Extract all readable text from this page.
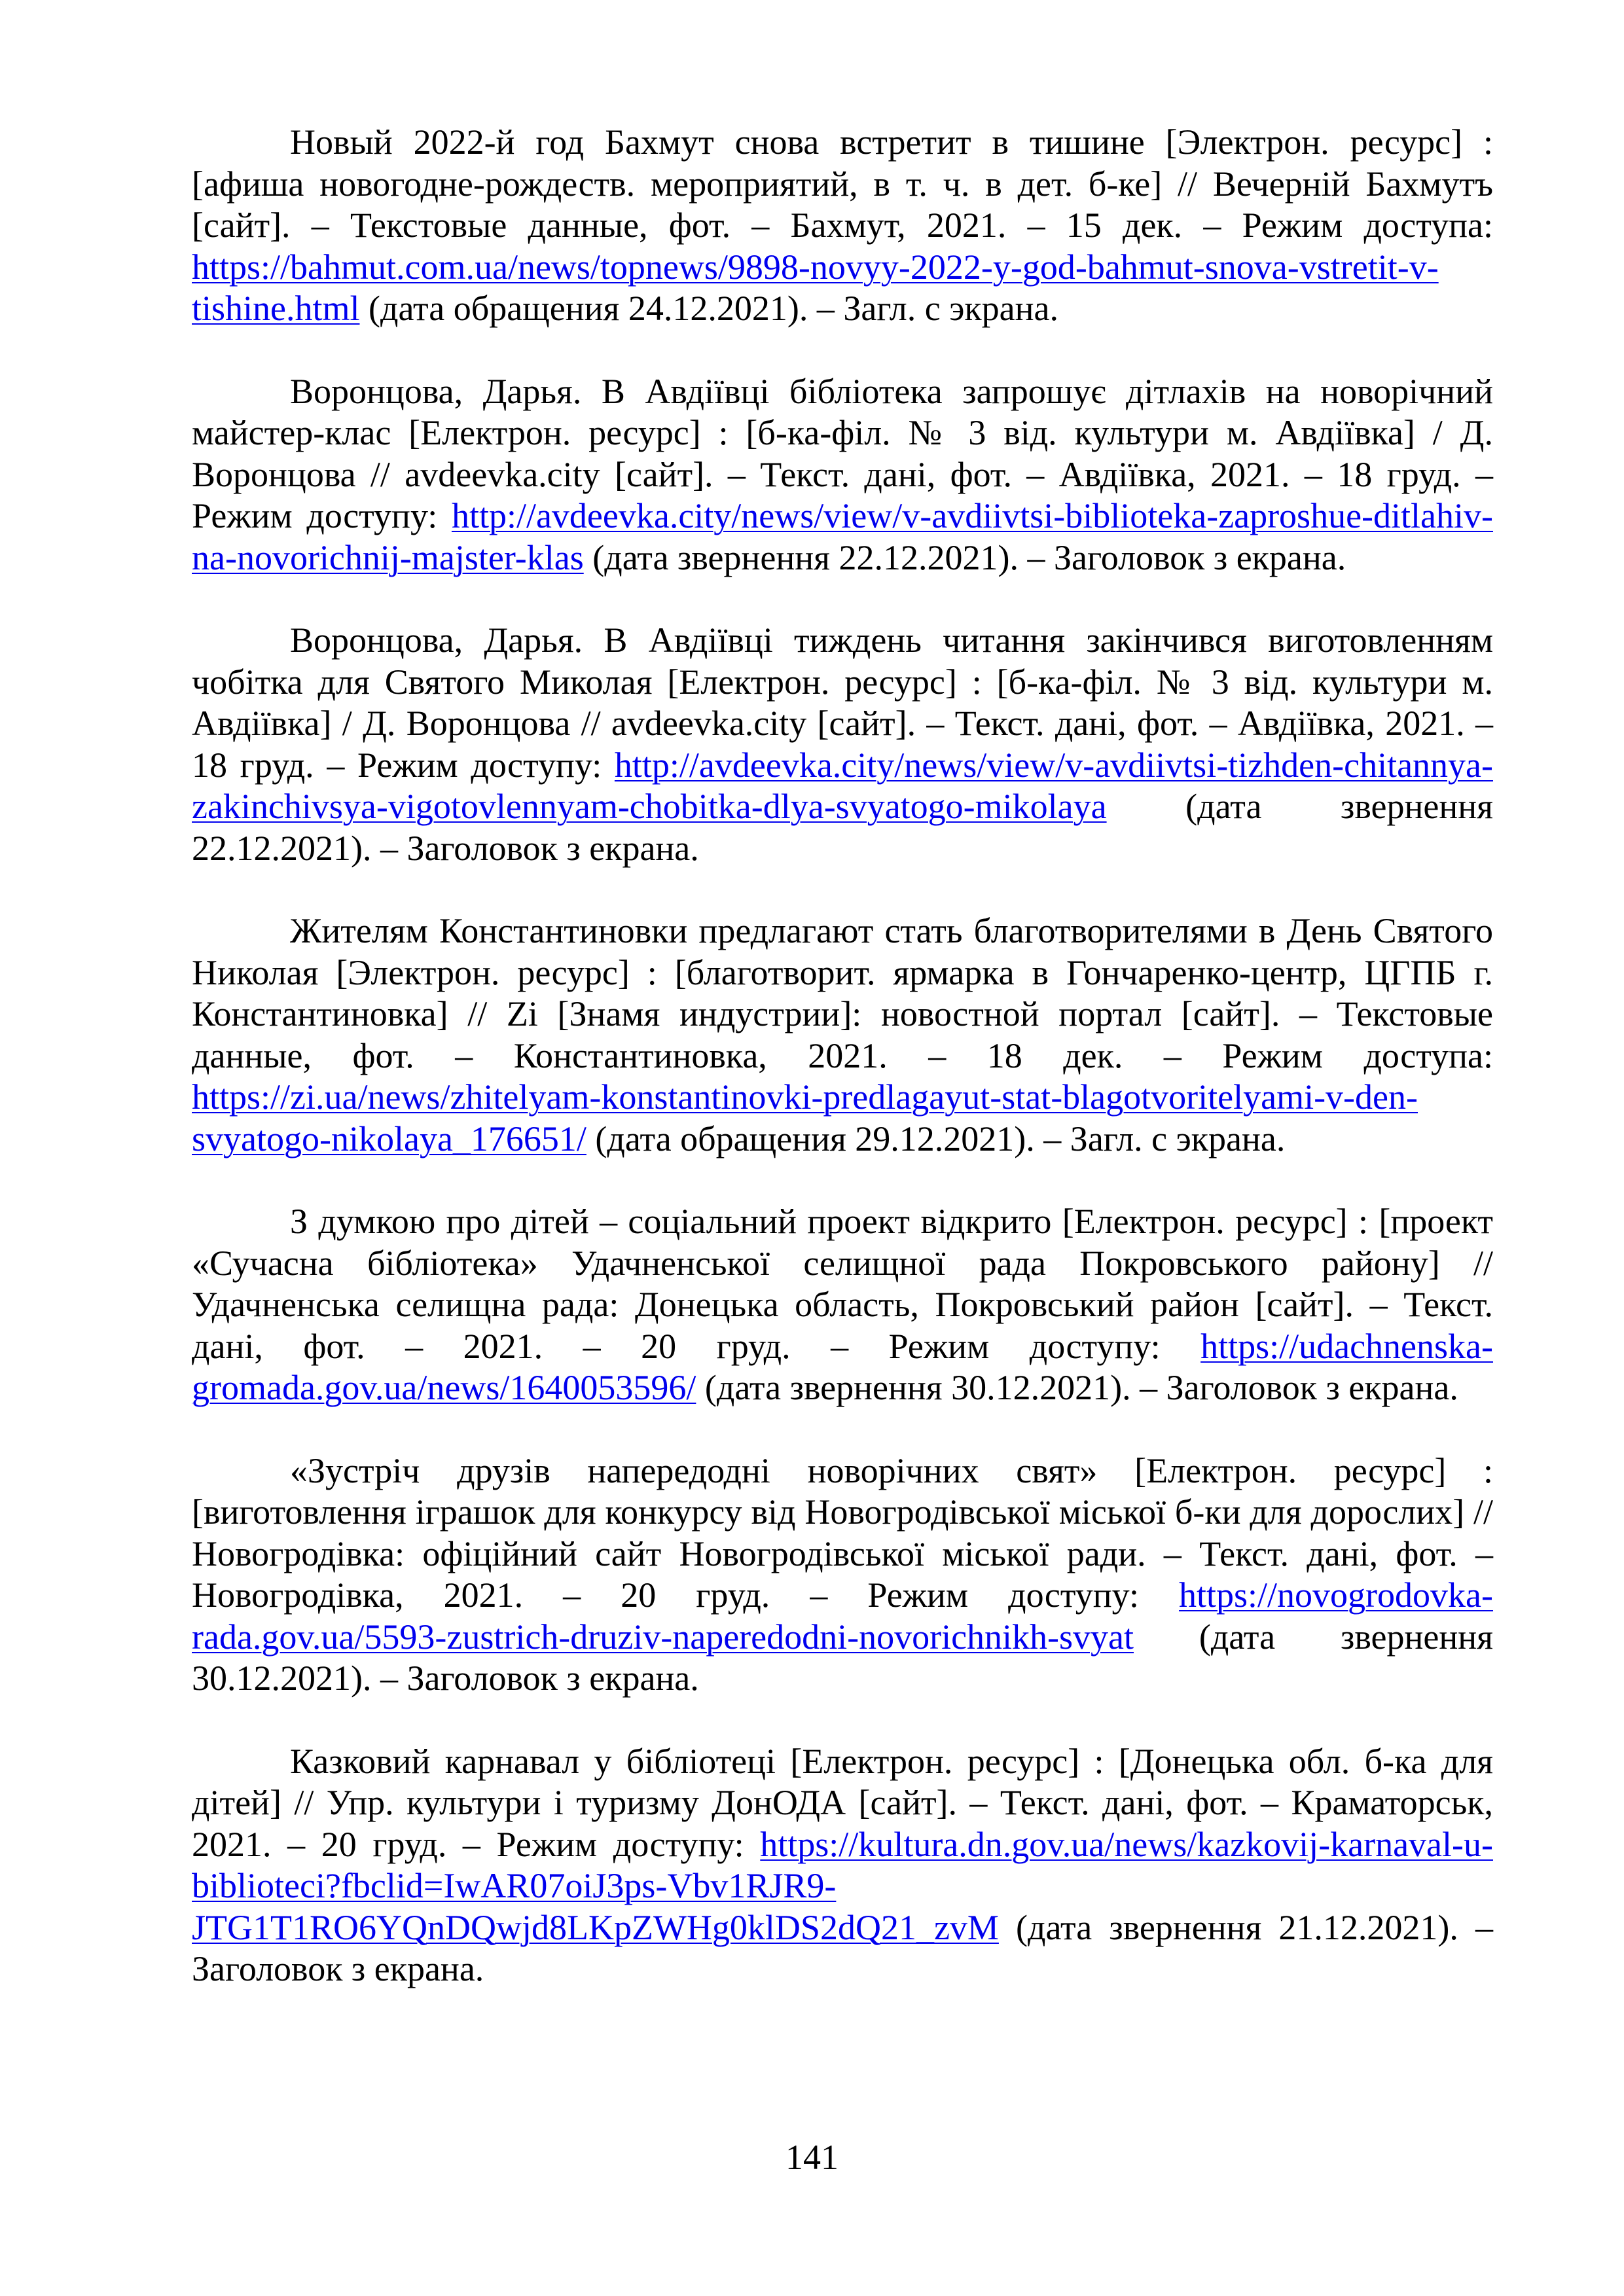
Новый 2022-й год Бахмут снова встретит в тишине [Электрон. ресурс] : [афиша новогодне-рождеств. мероприятий, в т. ч. в дет. б-ке] // Вечерній Бахмутъ [сайт]. – Текстовые данные, фот. – Бахмут, 2021. – 15 дек. – Режим доступа: https://bahmut.com.ua/news/topnews/9898-novyy-2022-y-god-bahmut-snova-vstretit-v-tishine.html (дата обращения 24.12.2021). – Загл. с экрана.

Воронцова, Дарья. В Авдіївці бібліотека запрошує дітлахів на новорічний майстер-клас [Електрон. ресурс] : [б-ка-філ. № 3 від. культури м. Авдіївка] / Д. Воронцова // avdeevka.city [сайт]. – Текст. дані, фот. – Авдіївка, 2021. – 18 груд. – Режим доступу: http://avdeevka.city/news/view/v-avdiivtsi-biblioteka-zaproshue-ditlahiv-na-novorichnij-majster-klas (дата звернення 22.12.2021). – Заголовок з екрана.

Воронцова, Дарья. В Авдіївці тиждень читання закінчився виготовленням чобітка для Святого Миколая [Електрон. ресурс] : [б-ка-філ. № 3 від. культури м. Авдіївка] / Д. Воронцова // avdeevka.city [сайт]. – Текст. дані, фот. – Авдіївка, 2021. – 18 груд. – Режим доступу: http://avdeevka.city/news/view/v-avdiivtsi-tizhden-chitannya-zakinchivsya-vigotovlennyam-chobitka-dlya-svyatogo-mikolaya (дата звернення 22.12.2021). – Заголовок з екрана.

Жителям Константиновки предлагают стать благотворителями в День Святого Николая [Электрон. ресурс] : [благотворит. ярмарка в Гончаренко-центр, ЦГПБ г. Константиновка] // Zi [Знамя индустрии]: новостной портал [сайт]. – Текстовые данные, фот. – Константиновка, 2021. – 18 дек. – Режим доступа: https://zi.ua/news/zhitelyam-konstantinovki-predlagayut-stat-blagotvoritelyami-v-den-svyatogo-nikolaya_176651/ (дата обращения 29.12.2021). – Загл. с экрана.

З думкою про дітей – соціальний проект відкрито [Електрон. ресурс] : [проект «Сучасна бібліотека» Удачненської селищної рада Покровського району] // Удачненська селищна рада: Донецька область, Покровський район [сайт]. – Текст. дані, фот. – 2021. – 20 груд. – Режим доступу: https://udachnenska-gromada.gov.ua/news/1640053596/ (дата звернення 30.12.2021). – Заголовок з екрана.

«Зустріч друзів напередодні новорічних свят» [Електрон. ресурс] : [виготовлення іграшок для конкурсу від Новогродівської міської б-ки для дорослих] // Новогродівка: офіційний сайт Новогродівської міської ради. – Текст. дані, фот. – Новогродівка, 2021. – 20 груд. – Режим доступу: https://novogrodovka-rada.gov.ua/5593-zustrich-druziv-naperedodni-novorichnikh-svyat (дата звернення 30.12.2021). – Заголовок з екрана.

Казковий карнавал у бібліотеці [Електрон. ресурс] : [Донецька обл. б-ка для дітей] // Упр. культури і туризму ДонОДА [сайт]. – Текст. дані, фот. – Краматорськ, 2021. – 20 груд. – Режим доступу: https://kultura.dn.gov.ua/news/kazkovij-karnaval-u-biblioteci?fbclid=IwAR07oiJ3ps-Vbv1RJR9-JTG1T1RO6YQnDQwjd8LKpZWHg0klDS2dQ21_zvM (дата звернення 21.12.2021). – Заголовок з екрана.

141
